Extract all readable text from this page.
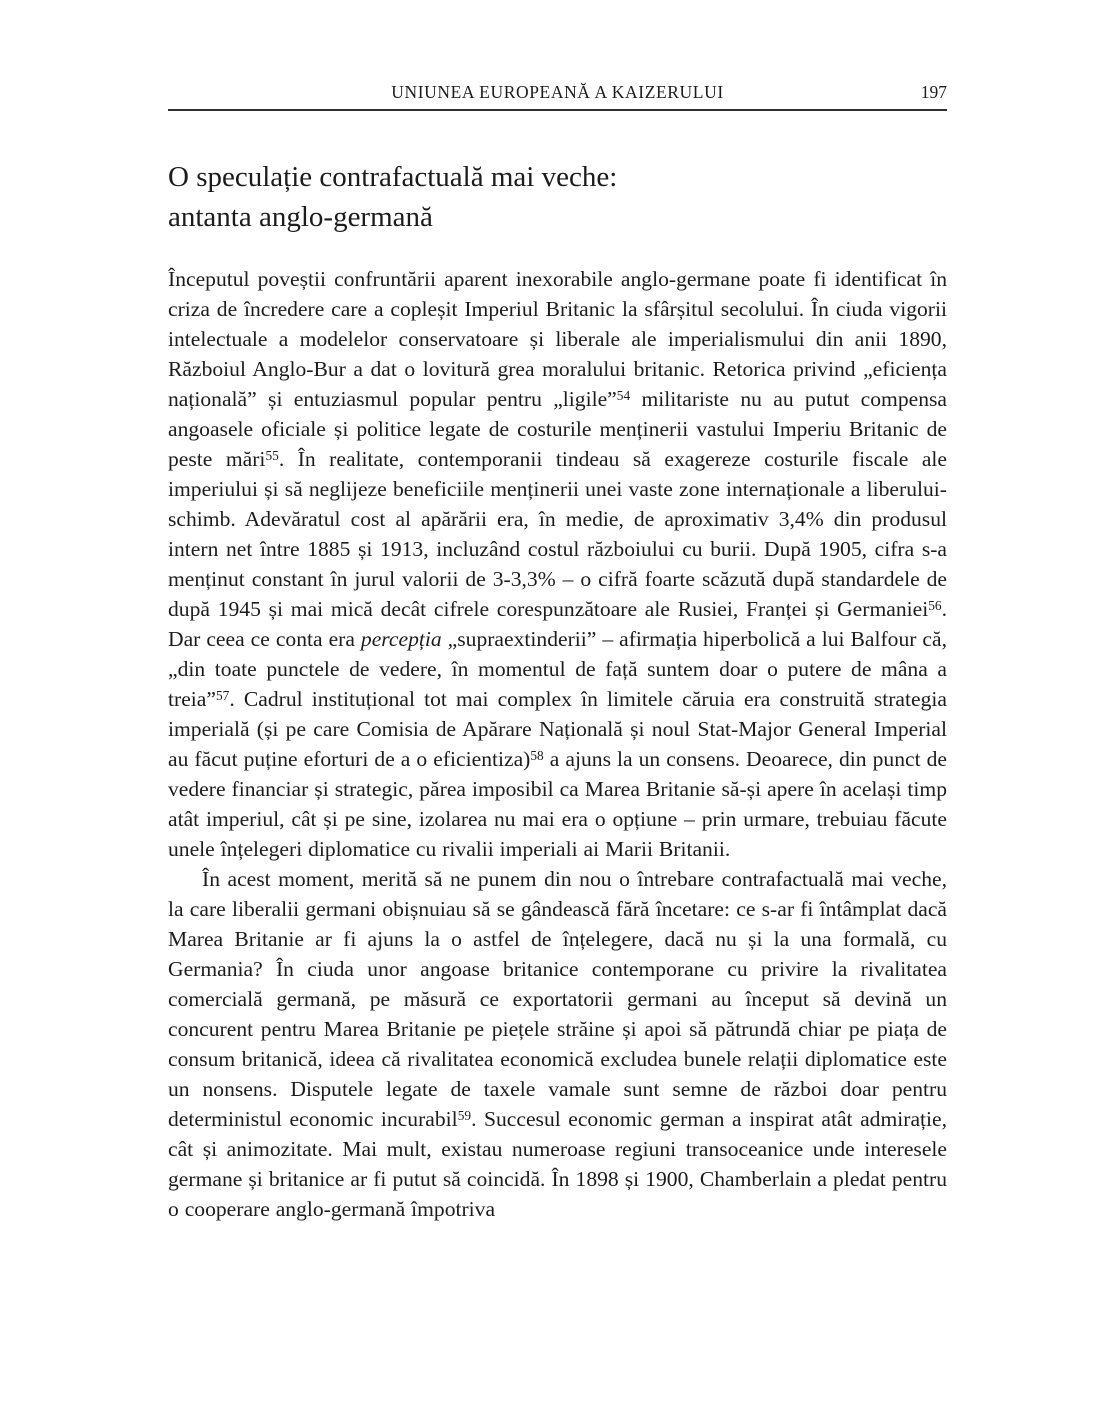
UNIUNEA EUROPEANĂ A KAIZERULUI	197
O speculație contrafactuală mai veche:
antanta anglo-germană

Începutul poveștii confruntării aparent inexorabile anglo-germane poate fi identificat în criza de încredere care a copleșit Imperiul Britanic la sfârșitul secolului. În ciuda vigorii intelectuale a modelelor conservatoare și liberale ale imperialismului din anii 1890, Războiul Anglo-Bur a dat o lovitură grea moralului britanic. Retorica privind „eficiența națională” și entuziasmul popular pentru „ligile”$^{54}$ militariste nu au putut compensa angoasele oficiale și politice legate de costurile menținerii vastului Imperiu Britanic de peste mări$^{55}$. În realitate, contemporanii tindeau să exagereze costurile fiscale ale imperiului și să neglijeze beneficiile menținerii unei vaste zone internaționale a liberului-schimb. Adevăratul cost al apărării era, în medie, de aproximativ 3,4% din produsul intern net între 1885 și 1913, incluzând costul războiului cu burii. După 1905, cifra s-a menținut constant în jurul valorii de 3-3,3% – o cifră foarte scăzută după standardele de după 1945 și mai mică decât cifrele corespunzătoare ale Rusiei, Franței și Germaniei$^{56}$. Dar ceea ce conta era percepția „supraextinderii” – afirmația hiperbolică a lui Balfour că, „din toate punctele de vedere, în momentul de față suntem doar o putere de mâna a treia”$^{57}$. Cadrul instituțional tot mai complex în limitele căruia era construită strategia imperială (și pe care Comisia de Apărare Națională și noul Stat-Major General Imperial au făcut puține eforturi de a o eficientiza)$^{58}$ a ajuns la un consens. Deoarece, din punct de vedere financiar și strategic, părea imposibil ca Marea Britanie să-și apere în același timp atât imperiul, cât și pe sine, izolarea nu mai era o opțiune – prin urmare, trebuiau făcute unele înțelegeri diplomatice cu rivalii imperiali ai Marii Britanii.

În acest moment, merită să ne punem din nou o întrebare contrafactuală mai veche, la care liberalii germani obișnuiau să se gândească fără încetare: ce s-ar fi întâmplat dacă Marea Britanie ar fi ajuns la o astfel de înțelegere, dacă nu și la una formală, cu Germania? În ciuda unor angoase britanice contemporane cu privire la rivalitatea comercială germană, pe măsură ce exportatorii germani au început să devină un concurent pentru Marea Britanie pe piețele străine și apoi să pătrundă chiar pe piața de consum britanică, ideea că rivalitatea economică excludea bunele relații diplomatice este un nonsens. Disputele legate de taxele vamale sunt semne de război doar pentru deterministul economic incurabil$^{59}$. Succesul economic german a inspirat atât admirație, cât și animozitate. Mai mult, existau numeroase regiuni transoceanice unde interesele germane și britanice ar fi putut să coincidă. În 1898 și 1900, Chamberlain a pledat pentru o cooperare anglo-germană împotriva
